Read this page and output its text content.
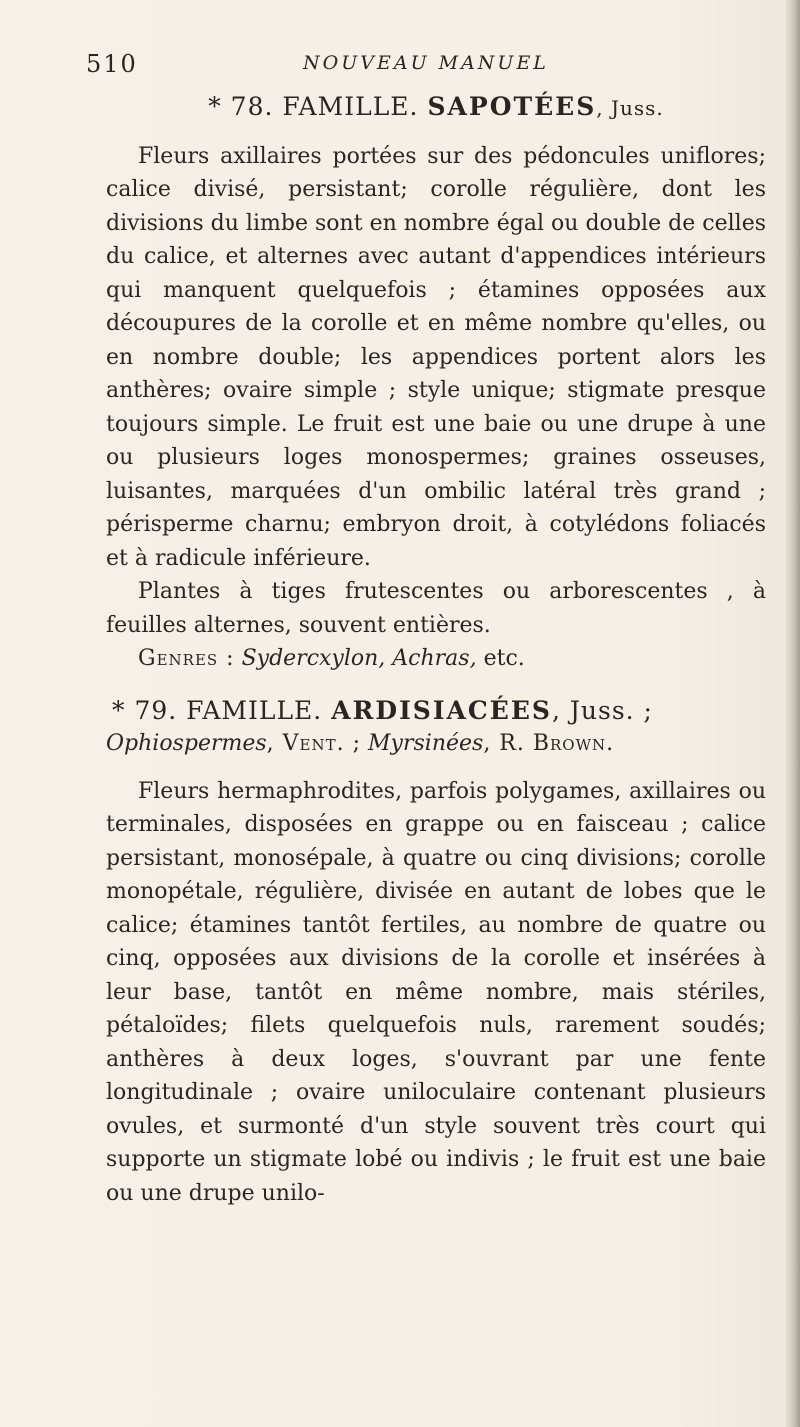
510	NOUVEAU MANUEL
* 78. FAMILLE. SAPOTÉES, Juss.

Fleurs axillaires portées sur des pédoncules uniflores; calice divisé, persistant; corolle régulière, dont les divisions du limbe sont en nombre égal ou double de celles du calice, et alternes avec autant d'appendices intérieurs qui manquent quelquefois ; étamines opposées aux découpures de la corolle et en même nombre qu'elles, ou en nombre double; les appendices portent alors les anthères; ovaire simple ; style unique; stigmate presque toujours simple. Le fruit est une baie ou une drupe à une ou plusieurs loges monospermes; graines osseuses, luisantes, marquées d'un ombilic latéral très grand ; périsperme charnu; embryon droit, à cotylédons foliacés et à radicule inférieure.

Plantes à tiges frutescentes ou arborescentes , à feuilles alternes, souvent entières.

Genres : Sydercxylon, Achras, etc.

* 79. FAMILLE. ARDISIACÉES, Juss. ;
Ophiospermes, Vent. ; Myrsinées, R. Brown.

Fleurs hermaphrodites, parfois polygames, axillaires ou terminales, disposées en grappe ou en faisceau ; calice persistant, monosépale, à quatre ou cinq divisions; corolle monopétale, régulière, divisée en autant de lobes que le calice; étamines tantôt fertiles, au nombre de quatre ou cinq, opposées aux divisions de la corolle et insérées à leur base, tantôt en même nombre, mais stériles, pétaloïdes; filets quelquefois nuls, rarement soudés; anthères à deux loges, s'ouvrant par une fente longitudinale ; ovaire uniloculaire contenant plusieurs ovules, et surmonté d'un style souvent très court qui supporte un stigmate lobé ou indivis ; le fruit est une baie ou une drupe unilo-
